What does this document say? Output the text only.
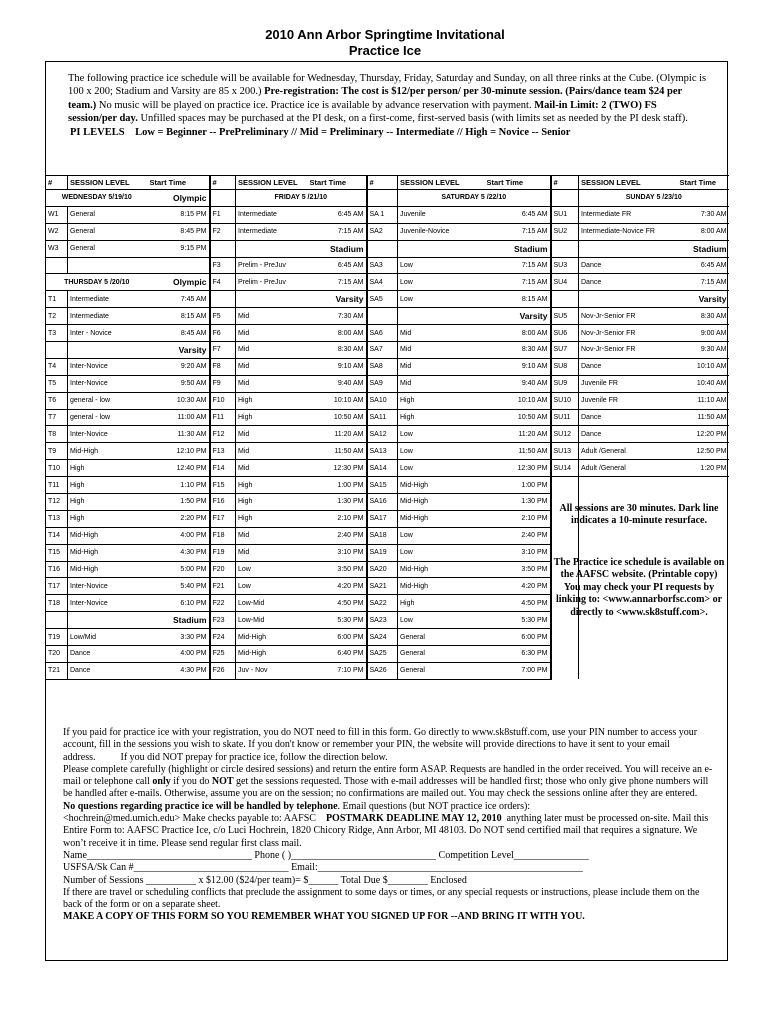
2010 Ann Arbor Springtime Invitational
Practice Ice
The following practice ice schedule will be available for Wednesday, Thursday, Friday, Saturday and Sunday, on all three rinks at the Cube. (Olympic is 100 x 200; Stadium and Varsity are 85 x 200.) Pre-registration: The cost is $12/per person/ per 30-minute session. (Pairs/dance team $24 per team.) No music will be played on practice ice. Practice ice is available by advance reservation with payment. Mail-in Limit: 2 (TWO) FS session/per day. Unfilled spaces may be purchased at the PI desk, on a first-come, first-served basis (with limits set as needed by the PI desk staff).
PI LEVELS Low = Beginner -- PrePreliminary // Mid = Preliminary -- Intermediate // High = Novice -- Senior
#	SESSION LEVEL	Start Time	#	SESSION LEVEL	Start Time	#	SESSION LEVEL	Start Time	#	SESSION LEVEL	Start Time
WEDNESDAY 5/19/10		Olympic		FRIDAY 5 /21/10			SATURDAY 5 /22/10			SUNDAY 5 /23/10	
W1	General	8:15 PM	F1	Intermediate	6:45 AM	SA 1	Juvenile	6:45 AM	SU1	Intermediate FR	7:30 AM
W2	General	8:45 PM	F2	Intermediate	7:15 AM	SA2	Juvenile-Novice	7:15 AM	SU2	Intermediate-Novice FR	8:00 AM
W3	General	9:15 PM			Stadium			Stadium			Stadium
			F3	Prelim - PreJuv	6:45 AM	SA3	Low	7:15 AM	SU3	Dance	6:45 AM
THURSDAY 5 /20/10		Olympic	F4	Prelim - PreJuv	7:15 AM	SA4	Low	7:15 AM	SU4	Dance	7:15 AM
T1	Intermediate	7:45 AM			Varsity	SA5	Low	8:15 AM			Varsity
T2	Intermediate	8:15 AM	F5	Mid	7:30 AM			Varsity	SU5	Nov-Jr-Senior FR	8:30 AM
T3	Inter - Novice	8:45 AM	F6	Mid	8:00 AM	SA6	Mid	8:00 AM	SU6	Nov-Jr-Senior FR	9:00 AM
		Varsity	F7	Mid	8:30 AM	SA7	Mid	8:30 AM	SU7	Nov-Jr-Senior FR	9:30 AM
T4	Inter-Novice	9:20 AM	F8	Mid	9:10 AM	SA8	Mid	9:10 AM	SU8	Dance	10:10 AM
T5	Inter-Novice	9:50 AM	F9	Mid	9:40 AM	SA9	Mid	9:40 AM	SU9	Juvenile FR	10:40 AM
T6	general - low	10:30 AM	F10	High	10:10 AM	SA10	High	10:10 AM	SU10	Juvenile FR	11:10 AM
T7	general - low	11:00 AM	F11	High	10:50 AM	SA11	High	10:50 AM	SU11	Dance	11:50 AM
T8	Inter-Novice	11:30 AM	F12	Mid	11:20 AM	SA12	Low	11:20 AM	SU12	Dance	12:20 PM
T9	Mid-High	12:10 PM	F13	Mid	11:50 AM	SA13	Low	11:50 AM	SU13	Adult /General	12:50 PM
T10	High	12:40 PM	F14	Mid	12:30 PM	SA14	Low	12:30 PM	SU14	Adult /General	1:20 PM
T11	High	1:10 PM	F15	High	1:00 PM	SA15	Mid-High	1:00 PM			
T12	High	1:50 PM	F16	High	1:30 PM	SA16	Mid-High	1:30 PM			
T13	High	2:20 PM	F17	High	2:10 PM	SA17	Mid-High	2:10 PM			
T14	Mid-High	4:00 PM	F18	Mid	2:40 PM	SA18	Low	2:40 PM			
T15	Mid-High	4:30 PM	F19	Mid	3:10 PM	SA19	Low	3:10 PM			
T16	Mid-High	5:00 PM	F20	Low	3:50 PM	SA20	Mid-High	3:50 PM			
T17	Inter-Novice	5:40 PM	F21	Low	4:20 PM	SA21	Mid-High	4:20 PM			
T18	Inter-Novice	6:10 PM	F22	Low-Mid	4:50 PM	SA22	High	4:50 PM			
		Stadium	F23	Low-Mid	5:30 PM	SA23	Low	5:30 PM			
T19	Low/Mid	3:30 PM	F24	Mid-High	6:00 PM	SA24	General	6:00 PM			
T20	Dance	4:00 PM	F25	Mid-High	6:40 PM	SA25	General	6:30 PM			
T21	Dance	4:30 PM	F26	Juv - Nov	7:10 PM	SA26	General	7:00 PM			
All sessions are 30 minutes. Dark line indicates a 10-minute resurface.
The Practice ice schedule is available on the AAFSC website. (Printable copy) You may check your PI requests by linking to: <www.annarborfsc.com> or directly to <www.sk8stuff.com>.

If you paid for practice ice with your registration, you do NOT need to fill in this form. Go directly to www.sk8stuff.com, use your PIN number to access your account, fill in the sessions you wish to skate. If you don't know or remember your PIN, the website will provide directions to have it sent to your email address.	If you did NOT prepay for practice ice, follow the direction below.

Please complete carefully (highlight or circle desired sessions) and return the entire form ASAP. Requests are handled in the order received. You will receive an e-mail or telephone call only if you do NOT get the sessions requested. Those with e-mail addresses will be handled first; those who only give phone numbers will be handled after e-mails. Otherwise, assume you are on the session; no confirmations are mailed out. You may check the sessions online after they are entered.

No questions regarding practice ice will be handled by telephone. Email questions (but NOT practice ice orders):

<hochrein@med.umich.edu> Make checks payable to: AAFSC POSTMARK DEADLINE MAY 12, 2010 anything later must be processed on-site. Mail this Entire Form to: AAFSC Practice Ice, c/o Luci Hochrein, 1820 Chicory Ridge, Ann Arbor, MI 48103. Do NOT send certified mail that requires a signature. We won’t receive it in time. Please send regular first class mail.

Name_________________________________ Phone ( )_____________________________ Competition Level_______________

USFSA/Sk Can #_______________________________ Email:_____________________________________________________

Number of Sessions __________ x $12.00 ($24/per team)= $______ Total Due $________ Enclosed

If there are travel or scheduling conflicts that preclude the assignment to some days or times, or any special requests or instructions, please include them on the back of the form or on a separate sheet.

MAKE A COPY OF THIS FORM SO YOU REMEMBER WHAT YOU SIGNED UP FOR --AND BRING IT WITH YOU.
